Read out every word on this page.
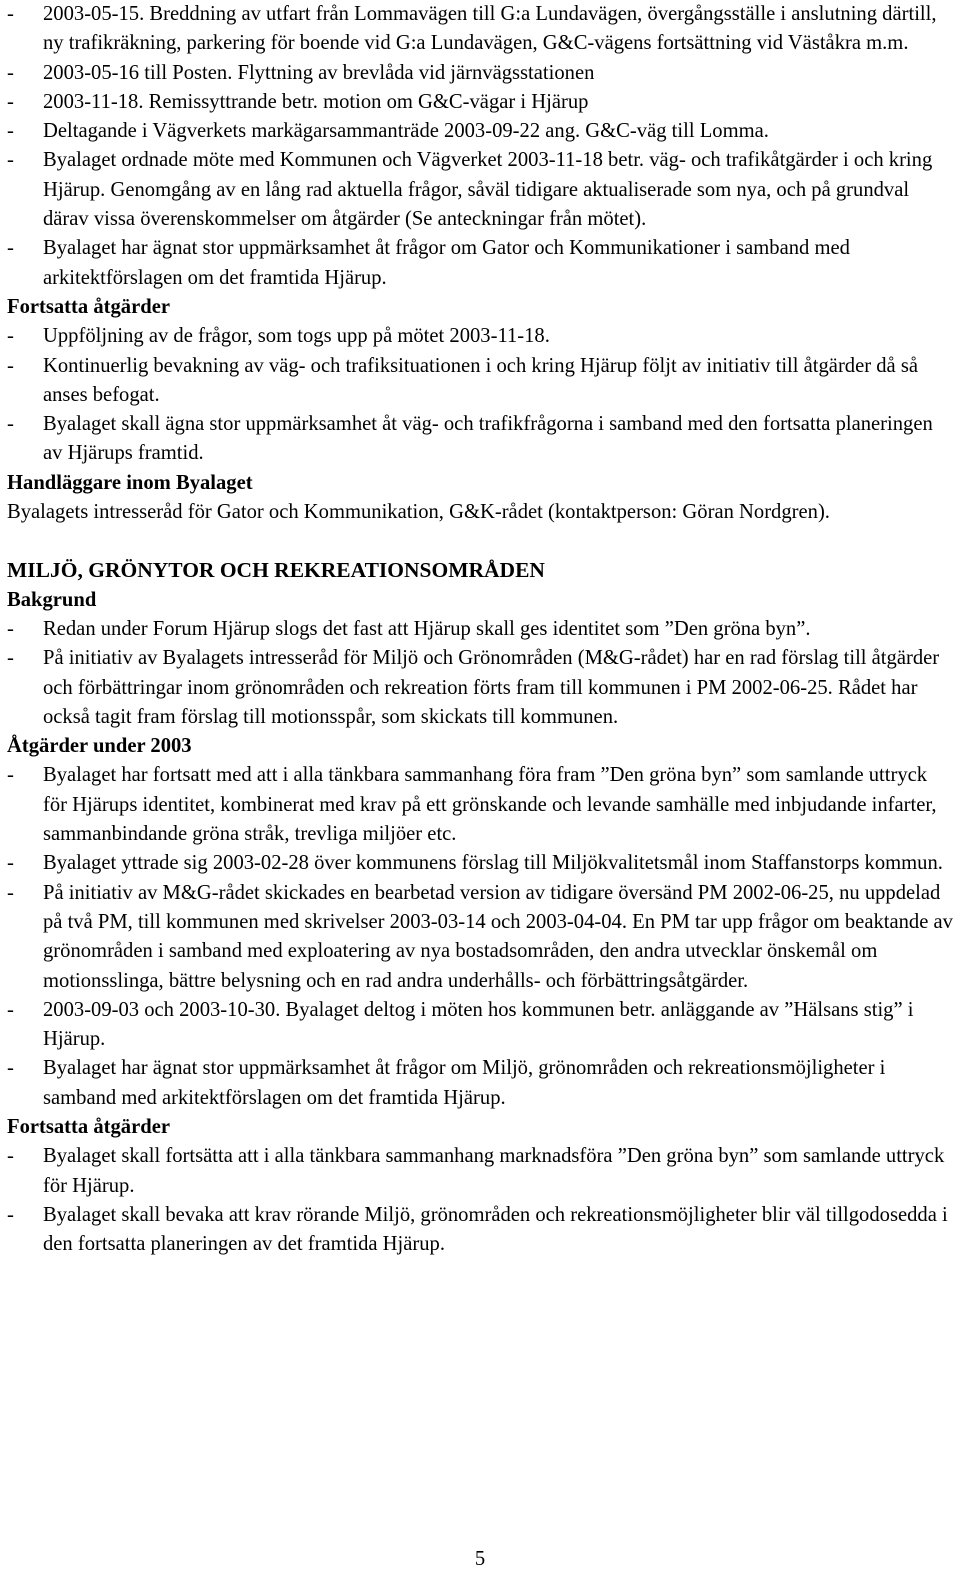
-	2003-05-15. Breddning av utfart från Lommavägen till G:a Lundavägen, övergångsställe i anslutning därtill, ny trafikräkning, parkering för boende vid G:a Lundavägen, G&C-vägens fortsättning vid Väståkra m.m.
-	2003-05-16 till Posten. Flyttning av brevlåda vid järnvägsstationen
-	2003-11-18. Remissyttrande betr. motion om G&C-vägar i Hjärup
-	Deltagande i Vägverkets markägarsammanträde 2003-09-22 ang. G&C-väg till Lomma.
-	Byalaget ordnade möte med Kommunen och Vägverket 2003-11-18 betr. väg- och trafikåtgärder i och kring Hjärup. Genomgång av en lång rad aktuella frågor, såväl tidigare aktualiserade som nya, och på grundval därav vissa överenskommelser om åtgärder (Se anteckningar från mötet).
-	Byalaget har ägnat stor uppmärksamhet åt frågor om Gator och Kommunikationer i samband med arkitektförslagen om det framtida Hjärup.
Fortsatta åtgärder
-	Uppföljning av de frågor, som togs upp på mötet 2003-11-18.
-	Kontinuerlig bevakning av väg- och trafiksituationen i och kring Hjärup följt av initiativ till åtgärder då så anses befogat.
-	Byalaget skall ägna stor uppmärksamhet åt väg- och trafikfrågorna i samband med den fortsatta planeringen av Hjärups framtid.
Handläggare inom Byalaget
Byalagets intresseråd för Gator och Kommunikation, G&K-rådet (kontaktperson: Göran Nordgren).
MILJÖ, GRÖNYTOR OCH REKREATIONSOMRÅDEN
Bakgrund
-	Redan under Forum Hjärup slogs det fast att Hjärup skall ges identitet som ”Den gröna byn”.
-	På initiativ av Byalagets intresseråd för Miljö och Grönområden (M&G-rådet) har en rad förslag till åtgärder och förbättringar inom grönområden och rekreation förts fram till kommunen i PM 2002-06-25. Rådet har också tagit fram förslag till motionsspår, som skickats till kommunen.
Åtgärder under 2003
-	Byalaget har fortsatt med att i alla tänkbara sammanhang föra fram ”Den gröna byn” som samlande uttryck för Hjärups identitet, kombinerat med krav på ett grönskande och levande samhälle med inbjudande infarter, sammanbindande gröna stråk, trevliga miljöer etc.
-	Byalaget yttrade sig 2003-02-28 över kommunens förslag till Miljökvalitetsmål inom Staffanstorps kommun.
-	På initiativ av M&G-rådet skickades en bearbetad version av tidigare översänd PM 2002-06-25, nu uppdelad på två PM, till kommunen med skrivelser 2003-03-14 och 2003-04-04. En PM tar upp frågor om beaktande av grönområden i samband med exploatering av nya bostadsområden, den andra utvecklar önskemål om motionsslinga, bättre belysning och en rad andra underhålls- och förbättringsåtgärder.
-	2003-09-03 och 2003-10-30. Byalaget deltog i möten hos kommunen betr. anläggande av ”Hälsans stig” i Hjärup.
-	Byalaget har ägnat stor uppmärksamhet åt frågor om Miljö, grönområden och rekreationsmöjligheter i samband med arkitektförslagen om det framtida Hjärup.
Fortsatta åtgärder
-	Byalaget skall fortsätta att i alla tänkbara sammanhang marknadsföra ”Den gröna byn” som samlande uttryck för Hjärup.
-	Byalaget skall bevaka att krav rörande Miljö, grönområden och rekreationsmöjligheter blir väl tillgodosedda i den fortsatta planeringen av det framtida Hjärup.
5
